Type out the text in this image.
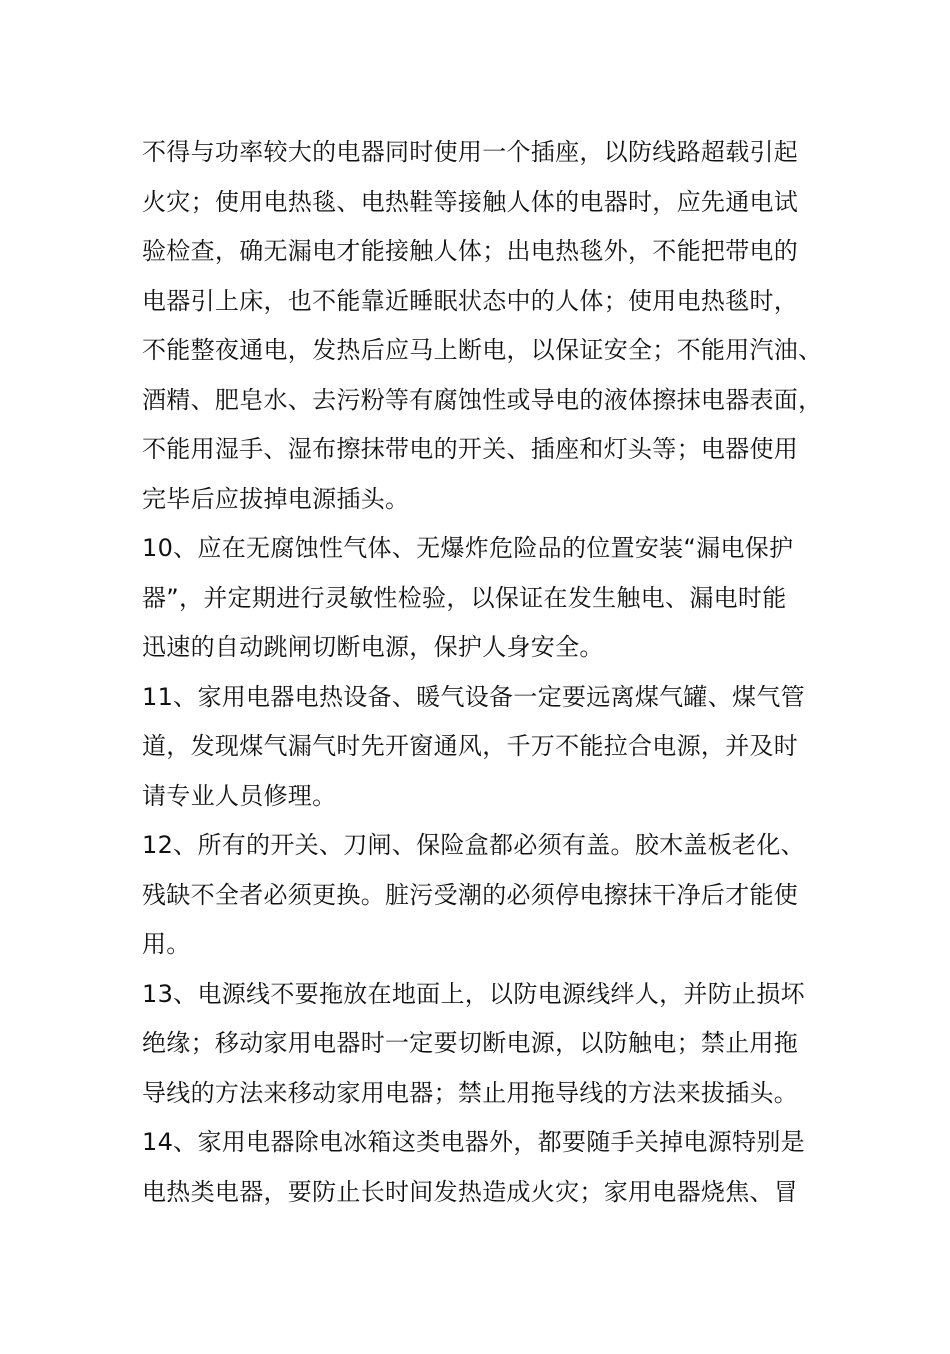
不得与功率较大的电器同时使用一个插座，以防线路超载引起
火灾；使用电热毯、电热鞋等接触人体的电器时，应先通电试
验检查，确无漏电才能接触人体；出电热毯外，不能把带电的
电器引上床，也不能靠近睡眠状态中的人体；使用电热毯时，
不能整夜通电，发热后应马上断电，以保证安全；不能用汽油、
酒精、肥皂水、去污粉等有腐蚀性或导电的液体擦抹电器表面，
不能用湿手、湿布擦抹带电的开关、插座和灯头等；电器使用
完毕后应拔掉电源插头。
10、应在无腐蚀性气体、无爆炸危险品的位置安装“漏电保护
器”，并定期进行灵敏性检验，以保证在发生触电、漏电时能
迅速的自动跳闸切断电源，保护人身安全。
11、家用电器电热设备、暖气设备一定要远离煤气罐、煤气管
道，发现煤气漏气时先开窗通风，千万不能拉合电源，并及时
请专业人员修理。
12、所有的开关、刀闸、保险盒都必须有盖。胶木盖板老化、
残缺不全者必须更换。脏污受潮的必须停电擦抹干净后才能使
用。
13、电源线不要拖放在地面上，以防电源线绊人，并防止损坏
绝缘；移动家用电器时一定要切断电源，以防触电；禁止用拖
导线的方法来移动家用电器；禁止用拖导线的方法来拔插头。
14、家用电器除电冰箱这类电器外，都要随手关掉电源特别是
电热类电器，要防止长时间发热造成火灾；家用电器烧焦、冒
